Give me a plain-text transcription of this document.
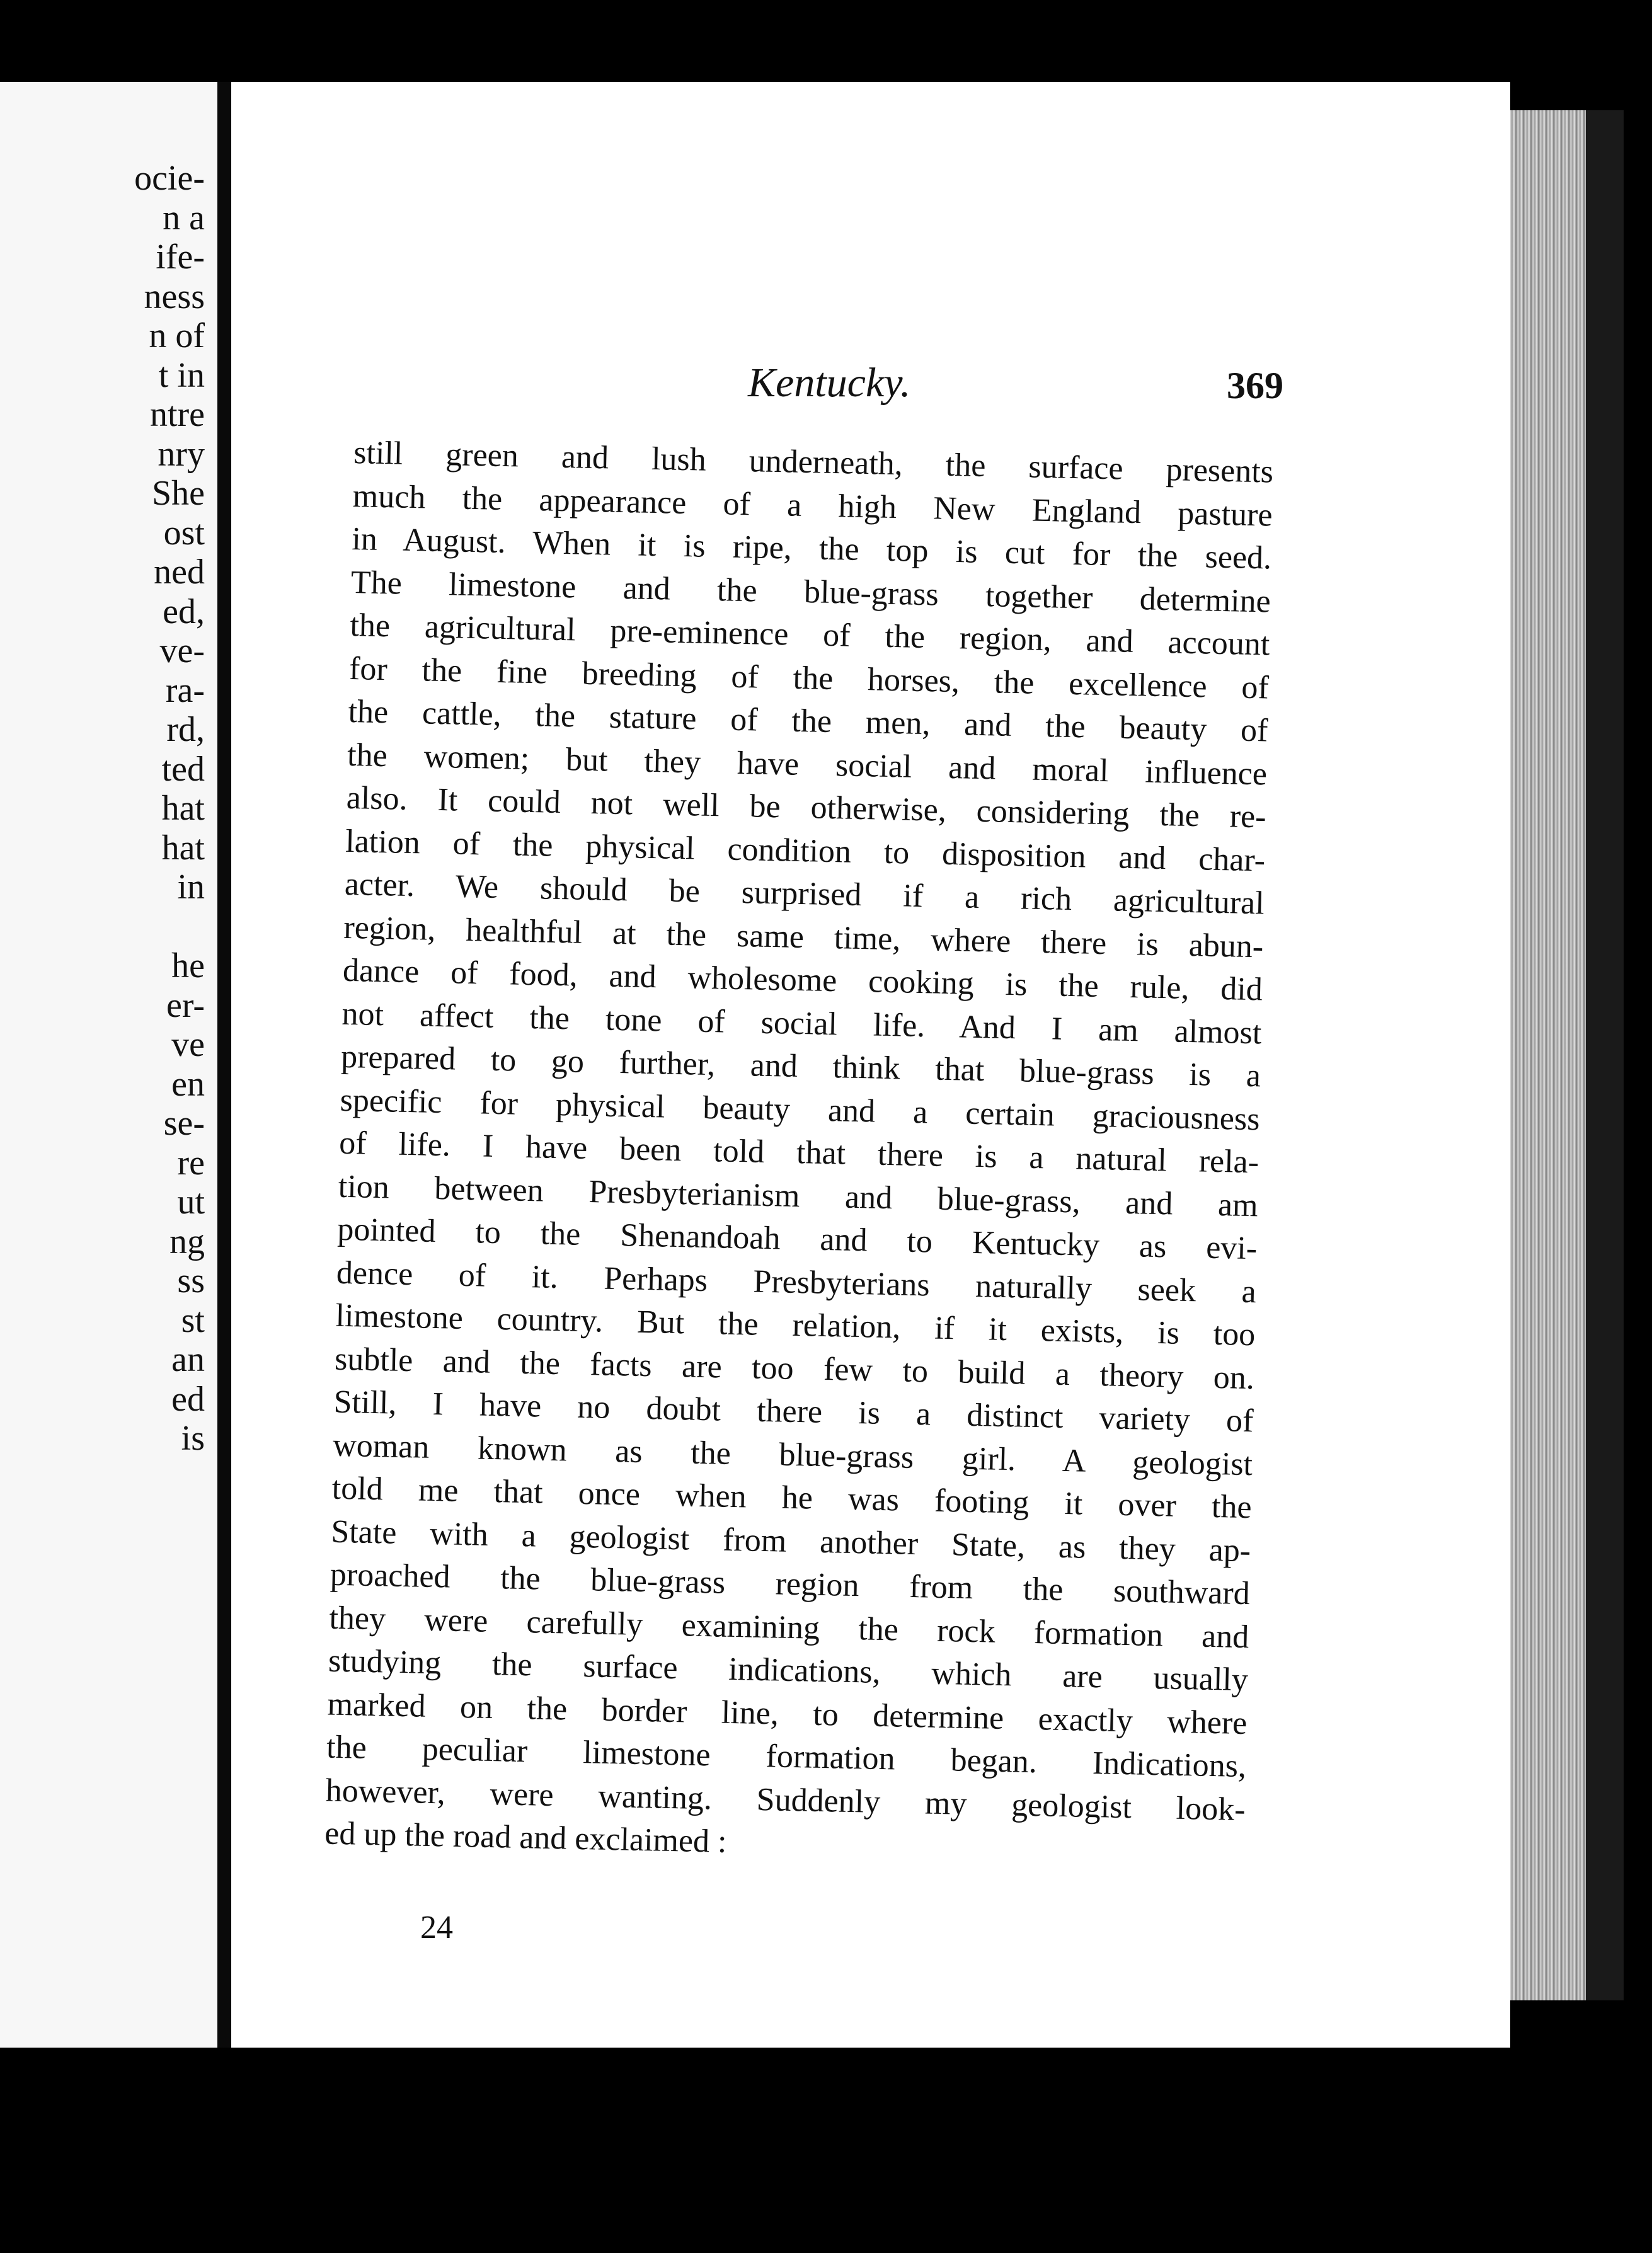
ocie-
n a
ife-
ness
n of
t in
ntre
nry
She
ost
ned
ed,
ve-
ra-
rd,
ted
hat
hat
in
he
er-
ve
en
se-
re
ut
ng
ss
st
an
ed
is
Kentucky.	369
still green and lush underneath, the surface presents
much the appearance of a high New England pasture
in August. When it is ripe, the top is cut for the seed.
The limestone and the blue-grass together determine
the agricultural pre-eminence of the region, and account
for the fine breeding of the horses, the excellence of
the cattle, the stature of the men, and the beauty of
the women; but they have social and moral influence
also. It could not well be otherwise, considering the re-
lation of the physical condition to disposition and char-
acter. We should be surprised if a rich agricultural
region, healthful at the same time, where there is abun-
dance of food, and wholesome cooking is the rule, did
not affect the tone of social life. And I am almost
prepared to go further, and think that blue-grass is a
specific for physical beauty and a certain graciousness
of life. I have been told that there is a natural rela-
tion between Presbyterianism and blue-grass, and am
pointed to the Shenandoah and to Kentucky as evi-
dence of it. Perhaps Presbyterians naturally seek a
limestone country. But the relation, if it exists, is too
subtle and the facts are too few to build a theory on.
Still, I have no doubt there is a distinct variety of
woman known as the blue-grass girl. A geologist
told me that once when he was footing it over the
State with a geologist from another State, as they ap-
proached the blue-grass region from the southward
they were carefully examining the rock formation and
studying the surface indications, which are usually
marked on the border line, to determine exactly where
the peculiar limestone formation began. Indications,
however, were wanting. Suddenly my geologist look-
ed up the road and exclaimed :
24
